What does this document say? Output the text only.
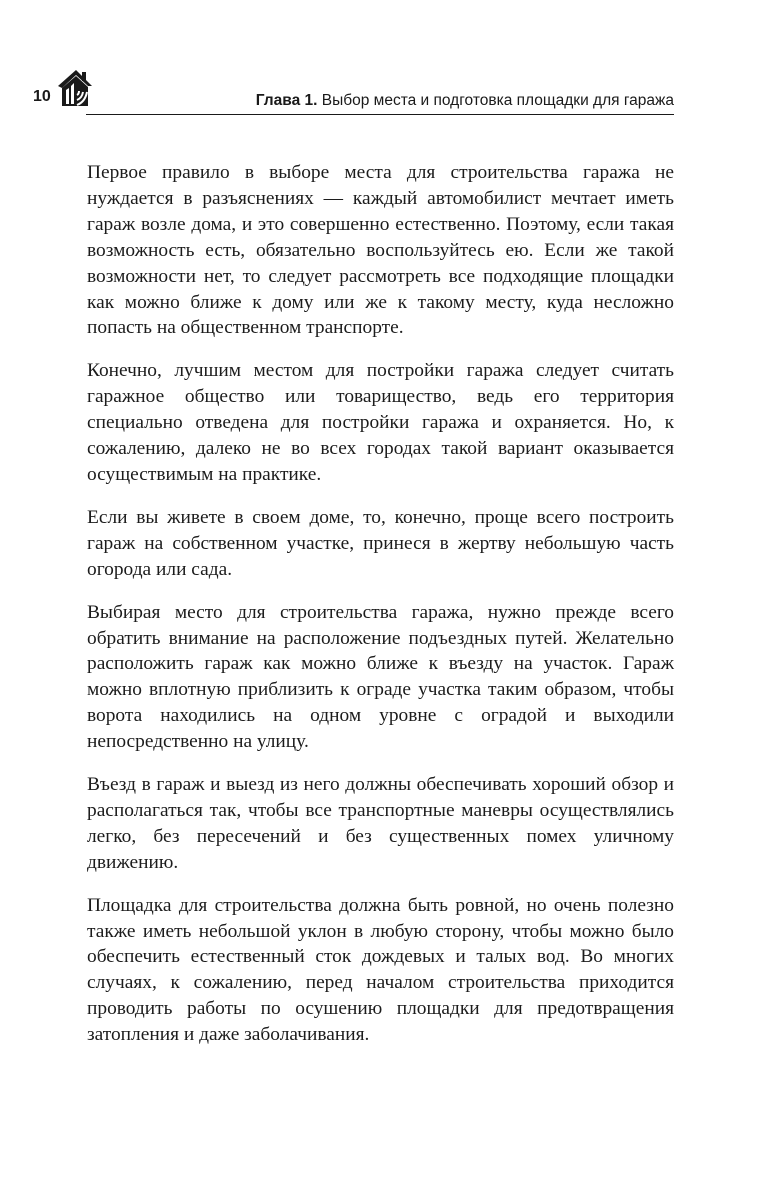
10	Глава 1. Выбор места и подготовка площадки для гаража

Первое правило в выборе места для строительства гаража не нуждается в разъяснениях — каждый автомобилист мечтает иметь гараж возле дома, и это совершенно естественно. Поэтому, если такая возможность есть, обязательно воспользуйтесь ею. Если же такой возможности нет, то следует рассмотреть все подходящие площадки как можно ближе к дому или же к такому месту, куда несложно попасть на общественном транспорте.

Конечно, лучшим местом для постройки гаража следует считать гаражное общество или товарищество, ведь его территория специально отведена для постройки гаража и охраняется. Но, к сожалению, далеко не во всех городах такой вариант оказывается осуществимым на практике.

Если вы живете в своем доме, то, конечно, проще всего построить гараж на собственном участке, принеся в жертву небольшую часть огорода или сада.

Выбирая место для строительства гаража, нужно прежде всего обратить внимание на расположение подъездных путей. Желательно расположить гараж как можно ближе к въезду на участок. Гараж можно вплотную приблизить к ограде участка таким образом, чтобы ворота находились на одном уровне с оградой и выходили непосредственно на улицу.

Въезд в гараж и выезд из него должны обеспечивать хороший обзор и располагаться так, чтобы все транспортные маневры осуществлялись легко, без пересечений и без существенных помех уличному движению.

Площадка для строительства должна быть ровной, но очень полезно также иметь небольшой уклон в любую сторону, чтобы можно было обеспечить естественный сток дождевых и талых вод. Во многих случаях, к сожалению, перед началом строительства приходится проводить работы по осушению площадки для предотвращения затопления и даже заболачивания.
